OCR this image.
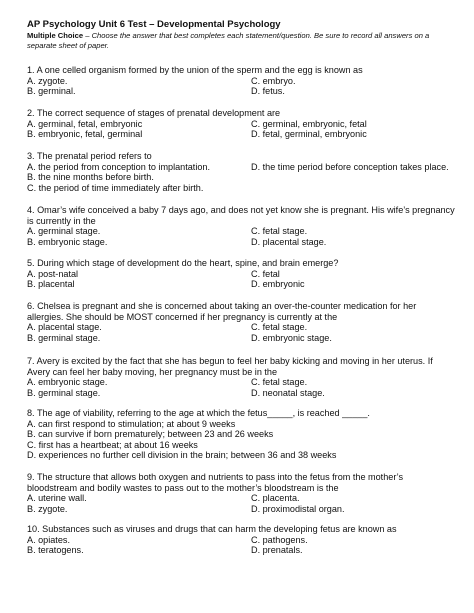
AP Psychology Unit 6 Test – Developmental Psychology
Multiple Choice – Choose the answer that best completes each statement/question. Be sure to record all answers on a separate sheet of paper.
1. A one celled organism formed by the union of the sperm and the egg is known as
A. zygote.	C. embryo.
B. germinal.	D. fetus.
2. The correct sequence of stages of prenatal development are
A. germinal, fetal, embryonic	C. germinal, embryonic, fetal
B. embryonic, fetal, germinal	D. fetal, germinal, embryonic
3. The prenatal period refers to
A. the period from conception to implantation.
B. the nine months before birth.
C. the period of time immediately after birth.
D. the time period before conception takes place.
4. Omar’s wife conceived a baby 7 days ago, and does not yet know she is pregnant. His wife’s pregnancy is currently in the
A. germinal stage.	C. fetal stage.
B. embryonic stage.	D. placental stage.
5. During which stage of development do the heart, spine, and brain emerge?
A. post-natal	C. fetal
B. placental	D. embryonic
6. Chelsea is pregnant and she is concerned about taking an over-the-counter medication for her allergies. She should be MOST concerned if her pregnancy is currently at the
A. placental stage.	C. fetal stage.
B. germinal stage.	D. embryonic stage.
7. Avery is excited by the fact that she has begun to feel her baby kicking and moving in her uterus. If Avery can feel her baby moving, her pregnancy must be in the
A. embryonic stage.	C. fetal stage.
B. germinal stage.	D. neonatal stage.
8. The age of viability, referring to the age at which the fetus_____, is reached _____.
A. can first respond to stimulation; at about 9 weeks
B. can survive if born prematurely; between 23 and 26 weeks
C. first has a heartbeat; at about 16 weeks
D. experiences no further cell division in the brain; between 36 and 38 weeks
9. The structure that allows both oxygen and nutrients to pass into the fetus from the mother’s bloodstream and bodily wastes to pass out to the mother’s bloodstream is the
A. uterine wall.	C. placenta.
B. zygote.	D. proximodistal organ.
10. Substances such as viruses and drugs that can harm the developing fetus are known as
A. opiates.	C. pathogens.
B. teratogens.	D. prenatals.
